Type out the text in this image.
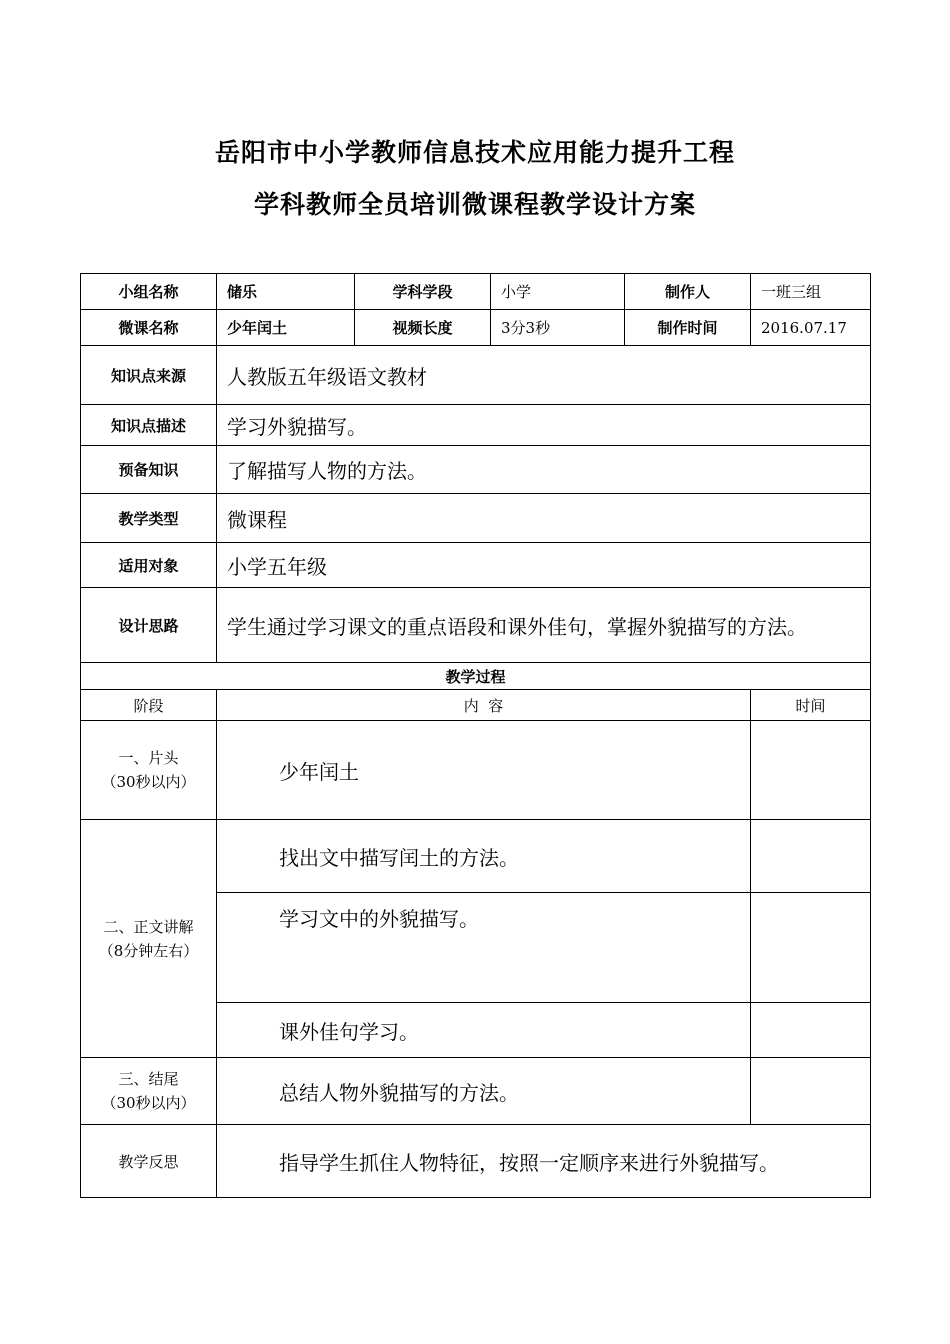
岳阳市中小学教师信息技术应用能力提升工程
学科教师全员培训微课程教学设计方案
小组名称	储乐	学科学段	小学	制作人	一班三组
微课名称	少年闰土	视频长度	3分3秒	制作时间	2016.07.17
知识点来源	人教版五年级语文教材				
知识点描述	学习外貌描写。				
预备知识	了解描写人物的方法。				
教学类型	微课程				
适用对象	小学五年级				
设计思路	学生通过学习课文的重点语段和课外佳句，掌握外貌描写的方法。				
教学过程					
阶段	内  容				时间

一、片头
（30秒以内）	少年闰土				

二、正文讲解
（8分钟左右）	找出文中描写闰土的方法。				
	学习文中的外貌描写。				
	课外佳句学习。				

三、结尾
（30秒以内）	总结人物外貌描写的方法。				
教学反思	指导学生抓住人物特征，按照一定顺序来进行外貌描写。				
